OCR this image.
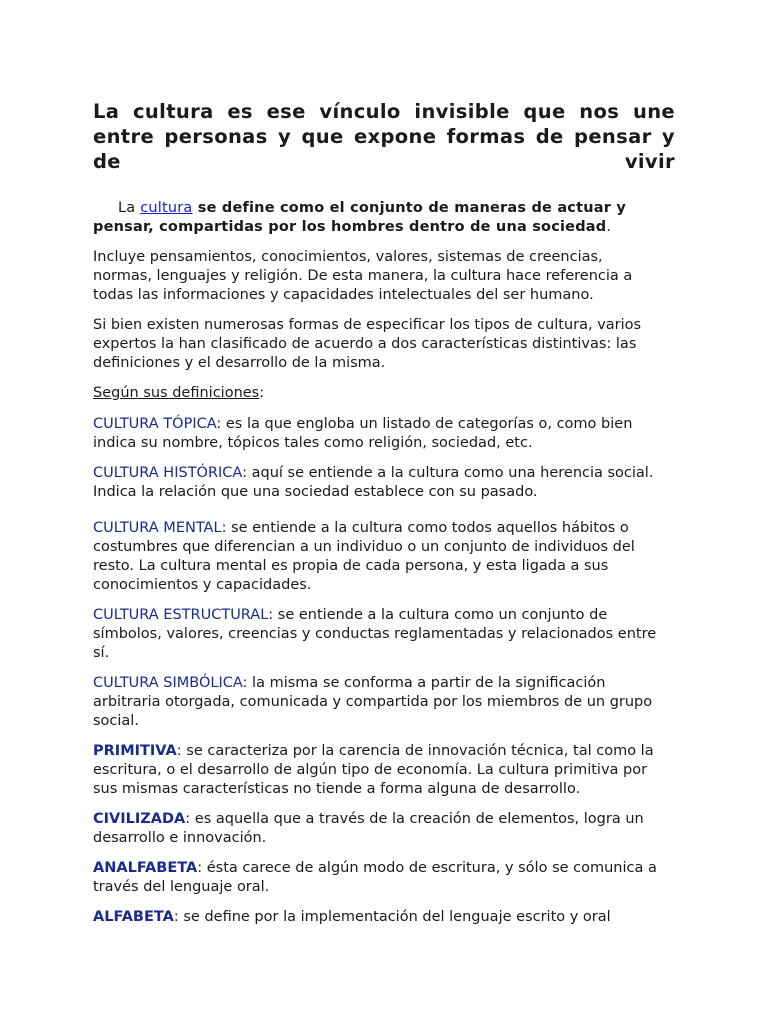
La cultura es ese vínculo invisible que nos une
entre personas y que expone formas de pensar y
de	vivir

La cultura se define como el conjunto de maneras de actuar y pensar, compartidas por los hombres dentro de una sociedad.

Incluye pensamientos, conocimientos, valores, sistemas de creencias, normas, lenguajes y religión. De esta manera, la cultura hace referencia a todas las informaciones y capacidades intelectuales del ser humano.

Si bien existen numerosas formas de especificar los tipos de cultura, varios expertos la han clasificado de acuerdo a dos características distintivas: las definiciones y el desarrollo de la misma.

Según sus definiciones:

CULTURA TÓPICA: es la que engloba un listado de categorías o, como bien indica su nombre, tópicos tales como religión, sociedad, etc.

CULTURA HISTÓRICA: aquí se entiende a la cultura como una herencia social. Indica la relación que una sociedad establece con su pasado.

CULTURA MENTAL: se entiende a la cultura como todos aquellos hábitos o costumbres que diferencian a un individuo o un conjunto de individuos del resto. La cultura mental es propia de cada persona, y esta ligada a sus conocimientos y capacidades.

CULTURA ESTRUCTURAL: se entiende a la cultura como un conjunto de símbolos, valores, creencias y conductas reglamentadas y relacionados entre sí.

CULTURA SIMBÓLICA: la misma se conforma a partir de la significación arbitraria otorgada, comunicada y compartida por los miembros de un grupo social.

PRIMITIVA: se caracteriza por la carencia de innovación técnica, tal como la escritura, o el desarrollo de algún tipo de economía. La cultura primitiva por sus mismas características no tiende a forma alguna de desarrollo.

CIVILIZADA: es aquella que a través de la creación de elementos, logra un desarrollo e innovación.

ANALFABETA: ésta carece de algún modo de escritura, y sólo se comunica a través del lenguaje oral.

ALFABETA: se define por la implementación del lenguaje escrito y oral
